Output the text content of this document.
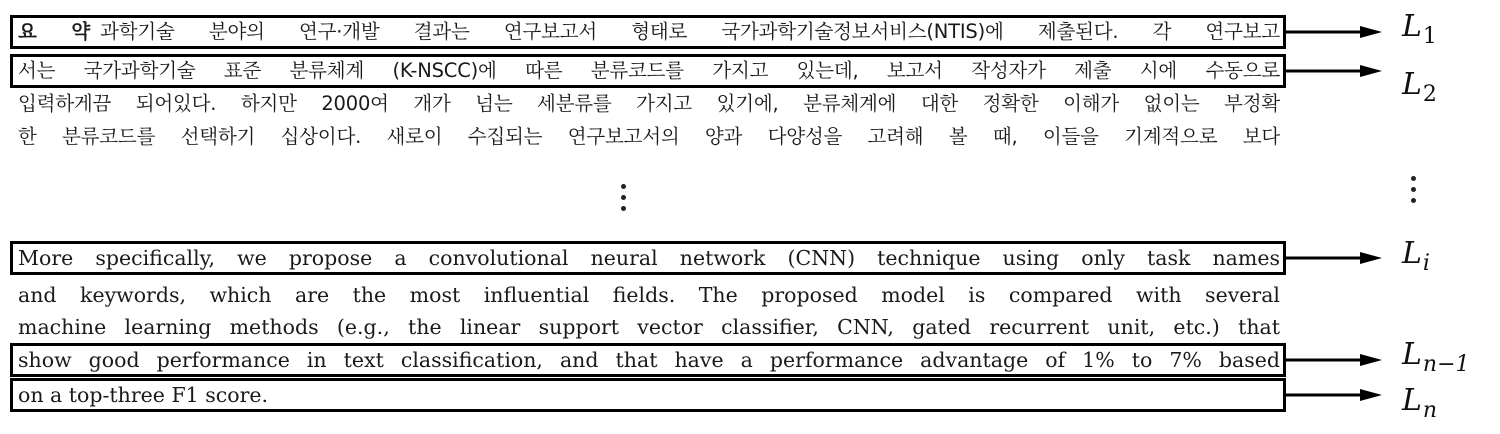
요 약 과학기술 분야의 연구·개발 결과는 연구보고서 형태로 국가과학기술정보서비스(NTIS)에 제출된다. 각 연구보고
서는 국가과학기술 표준 분류체계 (K-NSCC)에 따른 분류코드를 가지고 있는데, 보고서 작성자가 제출 시에 수동으로
입력하게끔 되어있다. 하지만 2000여 개가 넘는 세분류를 가지고 있기에, 분류체계에 대한 정확한 이해가 없이는 부정확
한 분류코드를 선택하기 십상이다. 새로이 수집되는 연구보고서의 양과 다양성을 고려해 볼 때, 이들을 기계적으로 보다
More specifically, we propose a convolutional neural network (CNN) technique using only task names
and keywords, which are the most influential fields. The proposed model is compared with several
machine learning methods (e.g., the linear support vector classifier, CNN, gated recurrent unit, etc.) that
show good performance in text classification, and that have a performance advantage of 1% to 7% based
on a top-three F1 score.
$L_1$
$L_2$
$L_i$
$L_{n-1}$
$L_n$
